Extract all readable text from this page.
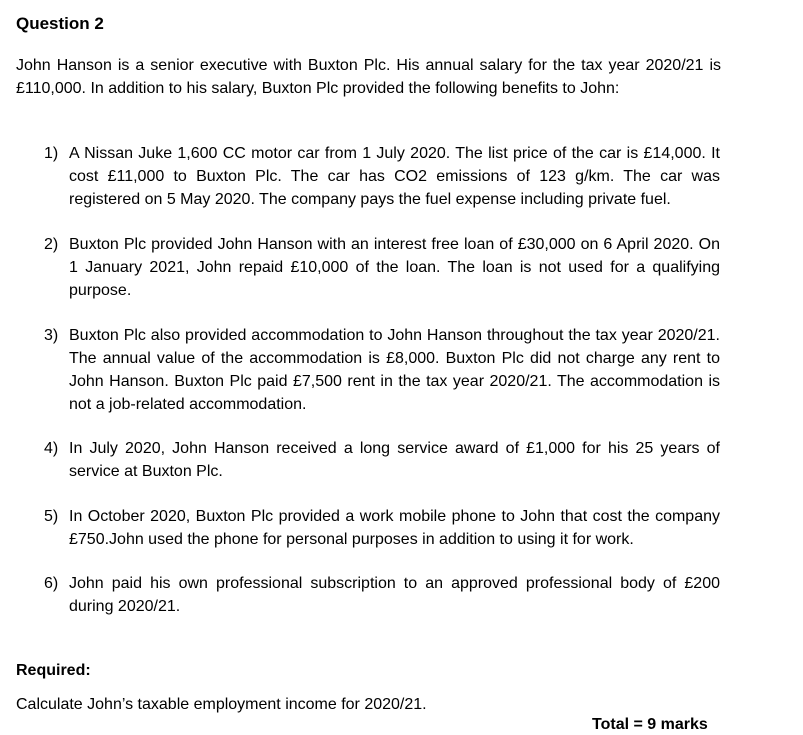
Question 2

John Hanson is a senior executive with Buxton Plc. His annual salary for the tax year 2020/21 is £110,000. In addition to his salary, Buxton Plc provided the following benefits to John:

1) A Nissan Juke 1,600 CC motor car from 1 July 2020. The list price of the car is £14,000. It cost £11,000 to Buxton Plc. The car has CO2 emissions of 123 g/km. The car was registered on 5 May 2020. The company pays the fuel expense including private fuel.
2) Buxton Plc provided John Hanson with an interest free loan of £30,000 on 6 April 2020. On 1 January 2021, John repaid £10,000 of the loan. The loan is not used for a qualifying purpose.
3) Buxton Plc also provided accommodation to John Hanson throughout the tax year 2020/21. The annual value of the accommodation is £8,000. Buxton Plc did not charge any rent to John Hanson. Buxton Plc paid £7,500 rent in the tax year 2020/21. The accommodation is not a job-related accommodation.
4) In July 2020, John Hanson received a long service award of £1,000 for his 25 years of service at Buxton Plc.
5) In October 2020, Buxton Plc provided a work mobile phone to John that cost the company £750.John used the phone for personal purposes in addition to using it for work.
6) John paid his own professional subscription to an approved professional body of £200 during 2020/21.

Required:

Calculate John’s taxable employment income for 2020/21.

Total = 9 marks
